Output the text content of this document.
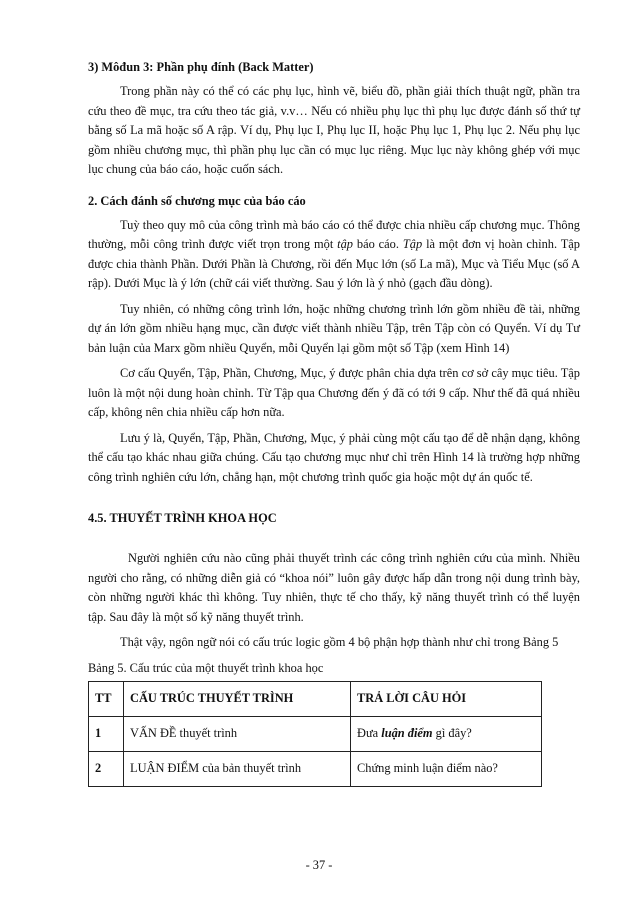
3) Môđun 3: Phần phụ đính (Back Matter)

Trong phần này có thể có các phụ lục, hình vẽ, biểu đồ, phần giải thích thuật ngữ, phần tra cứu theo đề mục, tra cứu theo tác giả, v.v… Nếu có nhiều phụ lục thì phụ lục được đánh số thứ tự bằng số La mã hoặc số A rập. Ví dụ, Phụ lục I, Phụ lục II, hoặc Phụ lục 1, Phụ lục 2. Nếu phụ lục gồm nhiều chương mục, thì phần phụ lục cần có mục lục riêng. Mục lục này không ghép với mục lục chung của báo cáo, hoặc cuốn sách.

2. Cách đánh số chương mục của báo cáo

Tuỳ theo quy mô của công trình mà báo cáo có thể được chia nhiều cấp chương mục. Thông thường, mỗi công trình được viết trọn trong một tập báo cáo. Tập là một đơn vị hoàn chỉnh. Tập được chia thành Phần. Dưới Phần là Chương, rồi đến Mục lớn (số La mã), Mục và Tiểu Mục (số A rập). Dưới Mục là ý lớn (chữ cái viết thường. Sau ý lớn là ý nhỏ (gạch đầu dòng).

Tuy nhiên, có những công trình lớn, hoặc những chương trình lớn gồm nhiều đề tài, những dự án lớn gồm nhiều hạng mục, cần được viết thành nhiều Tập, trên Tập còn có Quyển. Ví dụ Tư bản luận của Marx gồm nhiều Quyển, mỗi Quyển lại gồm một số Tập (xem Hình 14)

Cơ cấu Quyển, Tập, Phần, Chương, Mục, ý được phân chia dựa trên cơ sở cây mục tiêu. Tập luôn là một nội dung hoàn chỉnh. Từ Tập qua Chương đến ý đã có tới 9 cấp. Như thế đã quá nhiều cấp, không nên chia nhiều cấp hơn nữa.

Lưu ý là, Quyển, Tập, Phần, Chương, Mục, ý phải cùng một cấu tạo để dễ nhận dạng, không thể cấu tạo khác nhau giữa chúng. Cấu tạo chương mục như chỉ trên Hình 14 là trường hợp những công trình nghiên cứu lớn, chẳng hạn, một chương trình quốc gia hoặc một dự án quốc tế.

4.5. THUYẾT TRÌNH KHOA HỌC

Người nghiên cứu nào cũng phải thuyết trình các công trình nghiên cứu của mình. Nhiều người cho rằng, có những diễn giả có “khoa nói” luôn gây được hấp dẫn trong nội dung trình bày, còn những người khác thì không. Tuy nhiên, thực tế cho thấy, kỹ năng thuyết trình có thể luyện tập. Sau đây là một số kỹ năng thuyết trình.

Thật vậy, ngôn ngữ nói có cấu trúc logic gồm 4 bộ phận hợp thành như chỉ trong Bảng 5

Bảng 5. Cấu trúc của một thuyết trình khoa học

TT	CẤU TRÚC THUYẾT TRÌNH	TRẢ LỜI CÂU HỎI
1	VẤN ĐỀ thuyết trình	Đưa luận điểm gì đây?
2	LUẬN ĐIỂM của bản thuyết trình	Chứng minh luận điểm nào?
- 37 -
